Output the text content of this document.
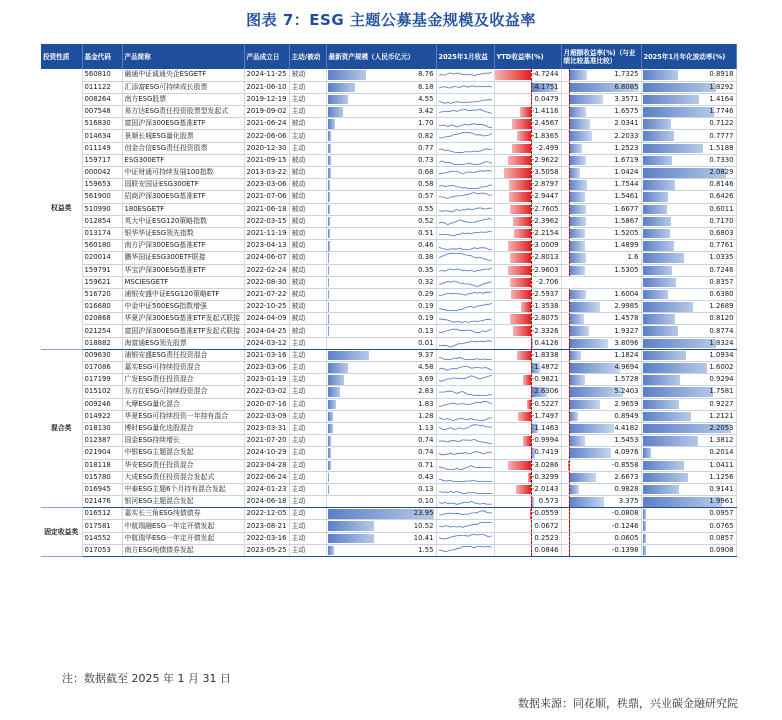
图表 7：ESG 主题公募基金规模及收益率
投资性质	基金代码	产品简称	产品成立日	主动/被动	最新资产规模（人民币亿元）	2025年1月收益	YTD收益率(%)	月超额收益率(%)（与业绩比较基准比较）	2025年1月年化波动率(%)
权益类	560810	融通中证诚通央企ESGETF	2024-11-25	被动	8.76		-4.7244	1.7325	0.8918
	011122	汇添富ESG可持续成长股票	2021-06-10	主动	6.18		4.1751	6.8085	1.8292
	008264	南方ESG股票	2019-12-19	主动	4.55		0.0479	3.3571	1.4164
	007548	易方达ESG责任投资股票型发起式	2019-09-02	主动	3.42		-1.4116	1.6575	1.7746
	516830	富国沪深300ESG基准ETF	2021-06-24	被动	1.70		-2.4567	2.0341	0.7122
	014634	景顺长城ESG量化股票	2022-06-06	主动	0.82		-1.8365	2.2033	0.7777
	011149	创金合信ESG责任投资股票	2020-12-30	主动	0.77		-2.499	1.2523	1.5188
	159717	ESG300ETF	2021-09-15	被动	0.73		-2.9622	1.6719	0.7330
	000042	中证财通可持续发展100指数	2013-03-22	被动	0.68		-3.5058	1.0424	2.0829
	159653	国联安国证ESG300ETF	2023-03-06	被动	0.58		-2.8797	1.7544	0.8146
	561900	招商沪深300ESG基准ETF	2021-07-06	被动	0.57		-2.9447	1.5461	0.6426
	510990	180ESGETF	2021-06-18	被动	0.55		-2.7605	1.6677	0.6011
	012854	英大中证ESG120策略指数	2022-03-15	被动	0.52		-2.3962	1.5867	0.7170
	013174	银华华证ESG领先指数	2021-11-19	被动	0.51		-2.2154	1.5205	0.6803
	560180	南方沪深300ESG基准ETF	2023-04-13	被动	0.46		-3.0009	1.4899	0.7761
	020014	鹏华国证ESG300ETF联接	2024-06-07	被动	0.38		-2.8013	1.6	1.0335
	159791	华宝沪深300ESG基准ETF	2022-02-24	被动	0.35		-2.9603	1.5305	0.7246
	159621	MSCIESGETF	2022-08-30	被动	0.32		-2.706		0.8357
	516720	浦银安盛中证ESG120策略ETF	2021-07-22	被动	0.29		-2.5937	1.6004	0.6380
	016680	中金中证500ESG指数增强	2022-10-25	被动	0.19		-1.3538	2.9985	1.2689
	020868	华夏沪深300ESG基准ETF发起式联接	2024-04-09	被动	0.19		-2.8075	1.4578	0.8120
	021254	富国沪深300ESG基准ETF发起式联接	2024-04-25	被动	0.13		-2.3326	1.9327	0.8774
	018882	海富通ESG领先股票	2024-03-12	主动	0.01		0.4126	3.8096	1.8324
混合类	009630	浦银安盛ESG责任投资混合	2021-03-16	主动	9.37		-1.8338	1.1824	1.0934
	017086	嘉实ESG可持续投资混合	2023-03-06	主动	4.58		1.4872	4.9694	1.6002
	017199	广发ESG责任投资混合	2023-01-19	主动	3.69		-0.9821	1.5728	0.9294
	015102	东方红ESG可持续投资混合	2022-03-02	主动	2.83		2.6306	5.2403	1.7581
	009246	大摩ESG量化混合	2020-07-16	主动	1.83		-0.5227	2.9659	0.9227
	014922	华夏ESG可持续投资一年持有混合	2022-03-09	主动	1.28		-1.7497	0.8949	1.2121
	018130	博时ESG量化选股混合	2023-03-31	主动	1.13		1.1463	4.4182	2.2053
	012387	国金ESG持续增长	2021-07-20	主动	0.74		-0.9994	1.5453	1.3812
	021904	中银ESG主题混合发起	2024-10-29	主动	0.74		0.7419	4.0976	0.2014
	018118	华安ESG责任投资混合	2023-04-28	主动	0.71		-3.0286	-0.8558	1.0411
	015780	大成ESG责任投资混合发起式	2022-06-24	主动	0.43		-0.3299	2.6673	1.1256
	016945	中泰ESG主题6个月持有混合发起	2024-01-23	主动	0.13		-2.0143	0.9828	0.9141
	021476	银河ESG主题混合发起	2024-06-18	主动	0.10		0.573	3.375	1.9961
固定收益类	016512	嘉实长三角ESG纯债债券	2022-12-05	主动	23.95		-0.0559	-0.0808	0.0957
	017581	中航瑞融ESG一年定开债发起	2023-08-21	主动	10.52		0.0672	-0.1246	0.0765
	014552	中航瑞华ESG一年定开债发起	2022-03-16	主动	10.41		0.2523	0.0605	0.0857
	017053	南方ESG纯债债券发起	2023-05-25	主动	1.55		0.0846	-0.1398	0.0908
注：数据截至 2025 年 1 月 31 日
数据来源：同花顺，秩鼎，兴业碳金融研究院
